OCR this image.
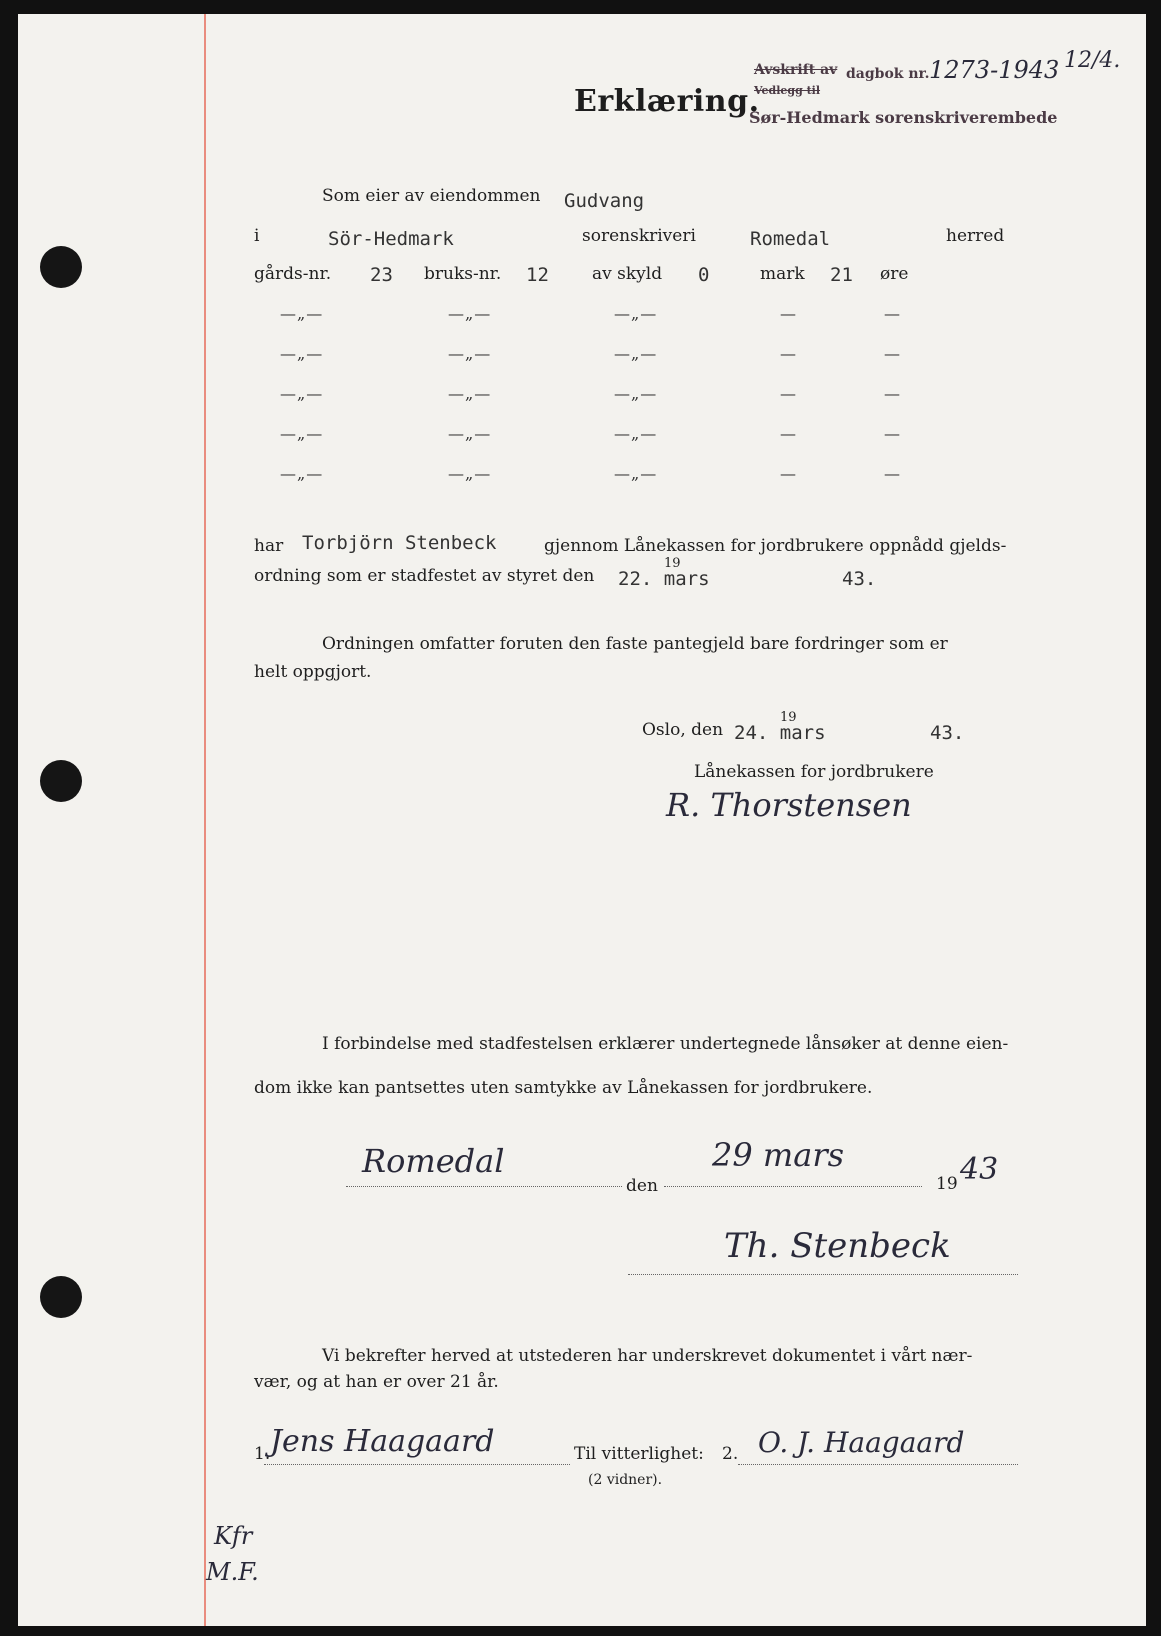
Erklæring.
Avskrift av dagbok nr. 1273-1943 12/4.
Vedlegg til
Sør-Hedmark sorenskriverembede
Som eier av eiendommen Gudvang
i	Sör-Hedmark	sorenskriveri	Romedal	herred
gårds-nr. 23 bruks-nr. 12	av skyld 0	mark 21 øre
—„—	—„—	—„—	—	—
—„—	—„—	—„—	—	—
—„—	—„—	—„—	—	—
—„—	—„—	—„—	—	—
—„—	—„—	—„—	—	—
har Torbjörn Stenbeck	gjennom Lånekassen for jordbrukere oppnådd gjelds-
ordning som er stadfestet av styret den 22. mars
19
43.
Ordningen omfatter foruten den faste pantegjeld bare fordringer som er
helt oppgjort.
Oslo, den 24. mars
19
43.
Lånekassen for jordbrukere
R. Thorstensen
I forbindelse med stadfestelsen erklærer undertegnede lånsøker at denne eien-
dom ikke kan pantsettes uten samtykke av Lånekassen for jordbrukere.
Romedal
den
29 mars
19 43
Th. Stenbeck
Vi bekrefter herved at utstederen har underskrevet dokumentet i vårt nær-
vær, og at han er over 21 år.
1. Jens Haagaard	Til vitterlighet: 2. O. J. Haagaard
(2 vidner).
Kfr
M.F.
